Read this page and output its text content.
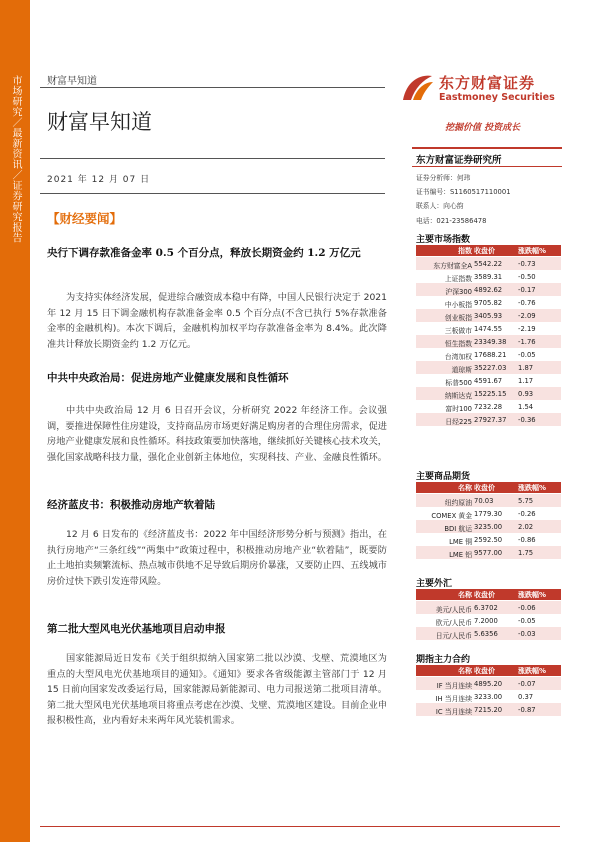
市场研究／最新资讯／证券研究报告	财富早知道
财富早知道
2021 年 12 月 07 日
【财经要闻】
央行下调存款准备金率 0.5 个百分点，释放长期资金约 1.2 万亿元
为支持实体经济发展，促进综合融资成本稳中有降，中国人民银行决定于 2021 年 12 月 15 日下调金融机构存款准备金率 0.5 个百分点(不含已执行 5%存款准备金率的金融机构)。本次下调后，金融机构加权平均存款准备金率为 8.4%。此次降准共计释放长期资金约 1.2 万亿元。
中共中央政治局：促进房地产业健康发展和良性循环
中共中央政治局 12 月 6 日召开会议，分析研究 2022 年经济工作。会议强调，要推进保障性住房建设，支持商品房市场更好满足购房者的合理住房需求，促进房地产业健康发展和良性循环。科技政策要加快落地，继续抓好关键核心技术攻关，强化国家战略科技力量，强化企业创新主体地位，实现科技、产业、金融良性循环。
经济蓝皮书：积极推动房地产软着陆
12 月 6 日发布的《经济蓝皮书：2022 年中国经济形势分析与预测》指出，在执行房地产“三条红线”“两集中”政策过程中，积极推动房地产业“软着陆”，既要防止土地拍卖频繁流标、热点城市供地不足导致后期房价暴涨，又要防止四、五线城市房价过快下跌引发连带风险。
第二批大型风电光伏基地项目启动申报
国家能源局近日发布《关于组织拟纳入国家第二批以沙漠、戈壁、荒漠地区为重点的大型风电光伏基地项目的通知》。《通知》要求各省级能源主管部门于 12 月 15 日前向国家发改委运行局，国家能源局新能源司、电力司报送第二批项目清单。第二批大型风电光伏基地项目将重点考虑在沙漠、戈壁、荒漠地区建设。目前企业申报积极性高，业内看好未来两年风光装机需求。
东方财富证券
Eastmoney Securities
挖掘价值 投资成长
东方财富证券研究所
证券分析师：何玮
证书编号：S1160517110001
联系人：向心韵
电话：021-23586478
主要市场指数
指数 收盘价	涨跌幅%
东方财富全A 5542.22 -0.73
上证指数 3589.31 -0.50
沪深300 4892.62 -0.17
中小板指 9705.82 -0.76
创业板指 3405.93 -2.09
三板做市 1474.55 -2.19
恒生指数 23349.38 -1.76
台湾加权 17688.21 -0.05
道琼斯 35227.03 1.87
标普500 4591.67 1.17
纳斯达克 15225.15 0.93
富时100 7232.28 1.54
日经225 27927.37 -0.36
主要商品期货
名称 收盘价	涨跌幅%
纽约原油 70.03	5.75
COMEX 黄金 1779.30 -0.26
BDI 航运 3235.00 2.02
LME 铜 2592.50 -0.86
LME 铝 9577.00 1.75
主要外汇
名称 收盘价	涨跌幅%
美元/人民币 6.3702	-0.06
欧元/人民币 7.2000	-0.05
日元/人民币 5.6356	-0.03
期指主力合约
名称 收盘价	涨跌幅%
IF 当月连续 4895.20 -0.07
IH 当月连续 3233.00 0.37
IC 当月连续 7215.20 -0.87
